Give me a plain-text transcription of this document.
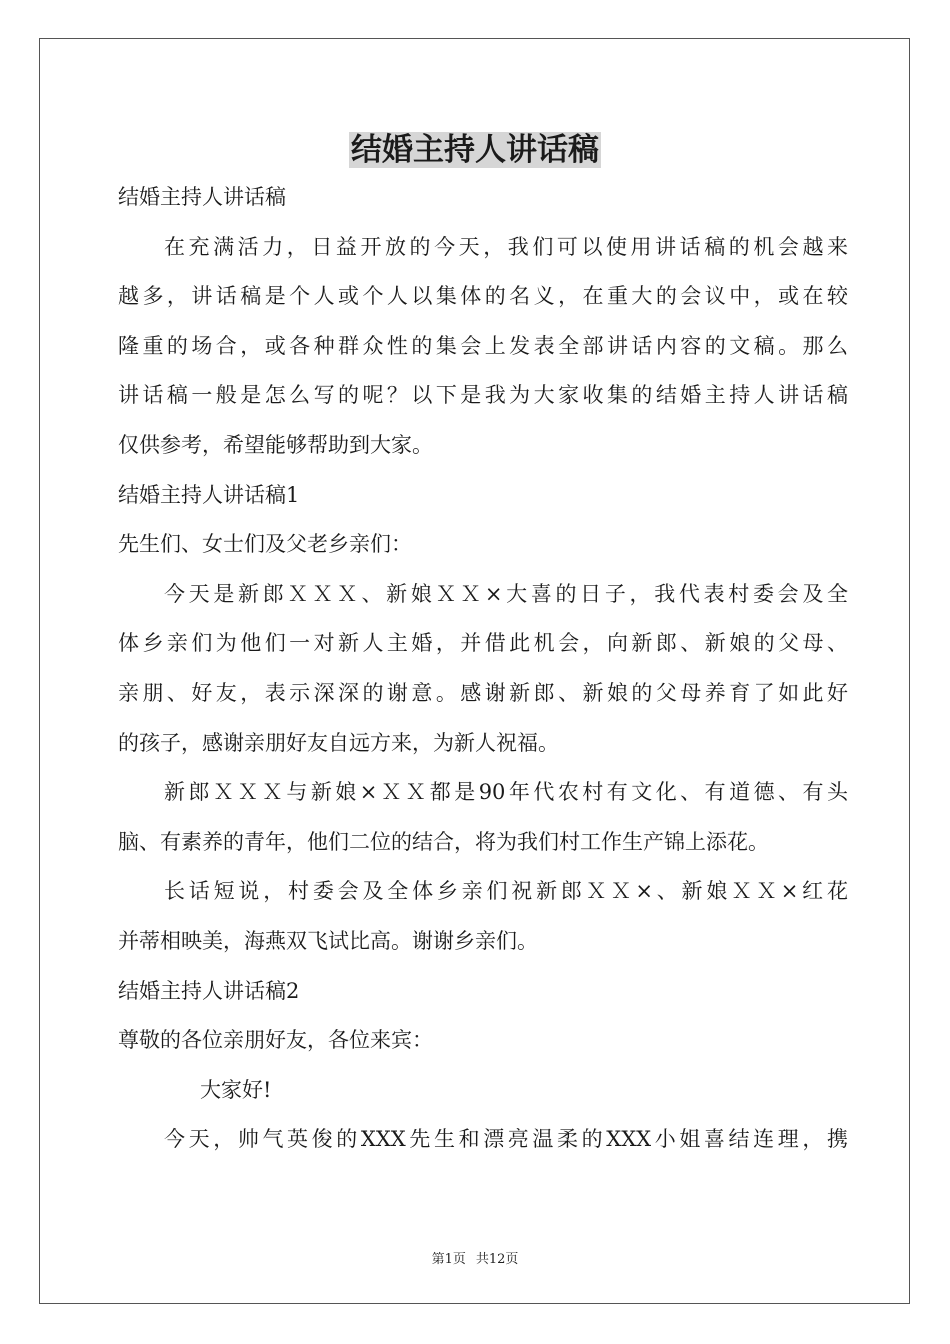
结婚主持人讲话稿
结婚主持人讲话稿
在充满活力，日益开放的今天，我们可以使用讲话稿的机会越来
越多，讲话稿是个人或个人以集体的名义，在重大的会议中，或在较
隆重的场合，或各种群众性的集会上发表全部讲话内容的文稿。那么
讲话稿一般是怎么写的呢？以下是我为大家收集的结婚主持人讲话稿
仅供参考，希望能够帮助到大家。
结婚主持人讲话稿1
先生们、女士们及父老乡亲们：
今天是新郎ＸＸＸ、新娘ＸＸ×大喜的日子，我代表村委会及全
体乡亲们为他们一对新人主婚，并借此机会，向新郎、新娘的父母、
亲朋、好友，表示深深的谢意。感谢新郎、新娘的父母养育了如此好
的孩子，感谢亲朋好友自远方来，为新人祝福。
新郎ＸＸＸ与新娘×ＸＸ都是90年代农村有文化、有道德、有头
脑、有素养的青年，他们二位的结合，将为我们村工作生产锦上添花。
长话短说，村委会及全体乡亲们祝新郎ＸＸ×、新娘ＸＸ×红花
并蒂相映美，海燕双飞试比高。谢谢乡亲们。
结婚主持人讲话稿2
尊敬的各位亲朋好友，各位来宾：
大家好!
今天，帅气英俊的XXX先生和漂亮温柔的XXX小姐喜结连理，携
第1页 共12页
